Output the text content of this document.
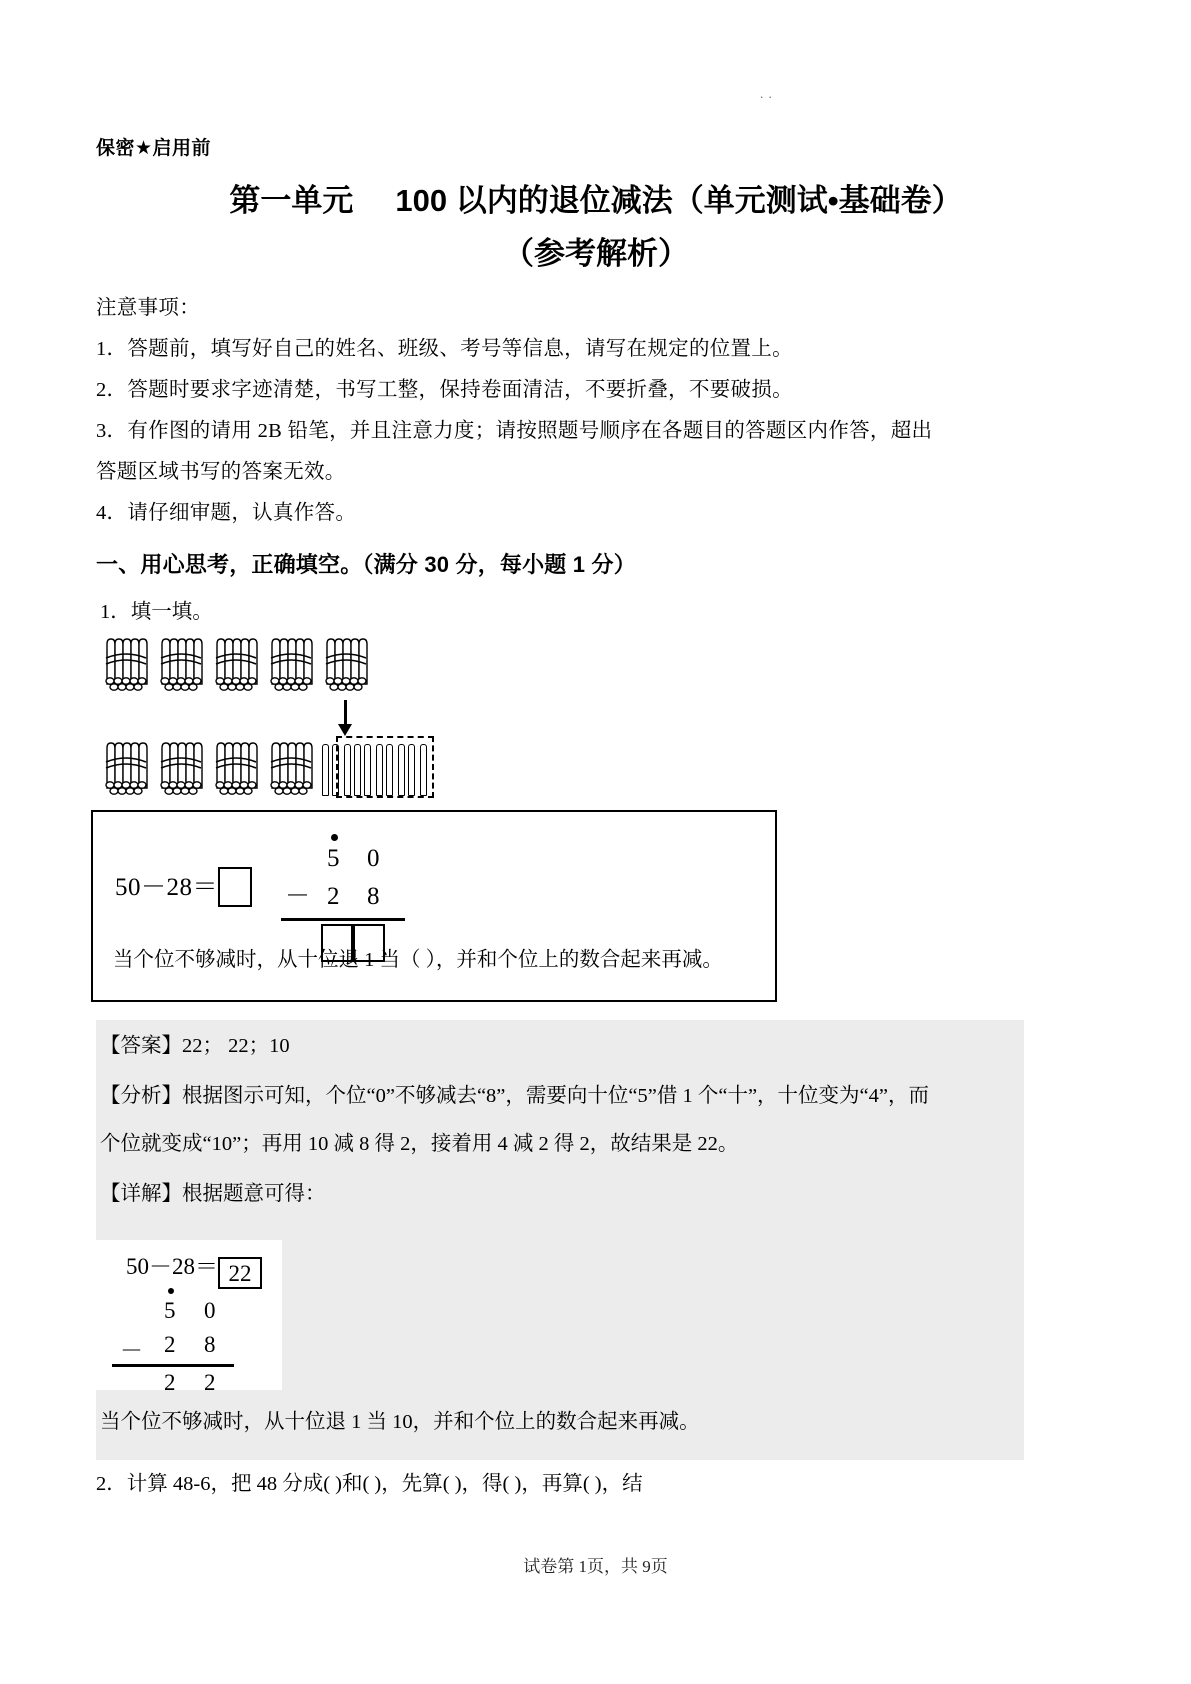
. .
保密★启用前
第一单元 100 以内的退位减法（单元测试•基础卷）
（参考解析）
注意事项：
1．答题前，填写好自己的姓名、班级、考号等信息，请写在规定的位置上。
2．答题时要求字迹清楚，书写工整，保持卷面清洁，不要折叠，不要破损。
3．有作图的请用 2B 铅笔，并且注意力度；请按照题号顺序在各题目的答题区内作答，超出
答题区域书写的答案无效。
4．请仔细审题，认真作答。
一、用心思考，正确填空。（满分 30 分，每小题 1 分）
1．填一填。
50－28＝
5 0
－ 2 8
当个位不够减时，从十位退 1 当（ ），并和个位上的数合起来再减。
【答案】22； 22；10
【分析】根据图示可知，个位“0”不够减去“8”，需要向十位“5”借 1 个“十”，十位变为“4”，而
个位就变成“10”；再用 10 减 8 得 2，接着用 4 减 2 得 2，故结果是 22。
【详解】根据题意可得：
50－28＝ 22
5 0
－ 2 8
2 2
当个位不够减时，从十位退 1 当 10，并和个位上的数合起来再减。
2．计算 48-6，把 48 分成( )和( )，先算( )，得( )，再算( )，结
试卷第 1页，共 9页
